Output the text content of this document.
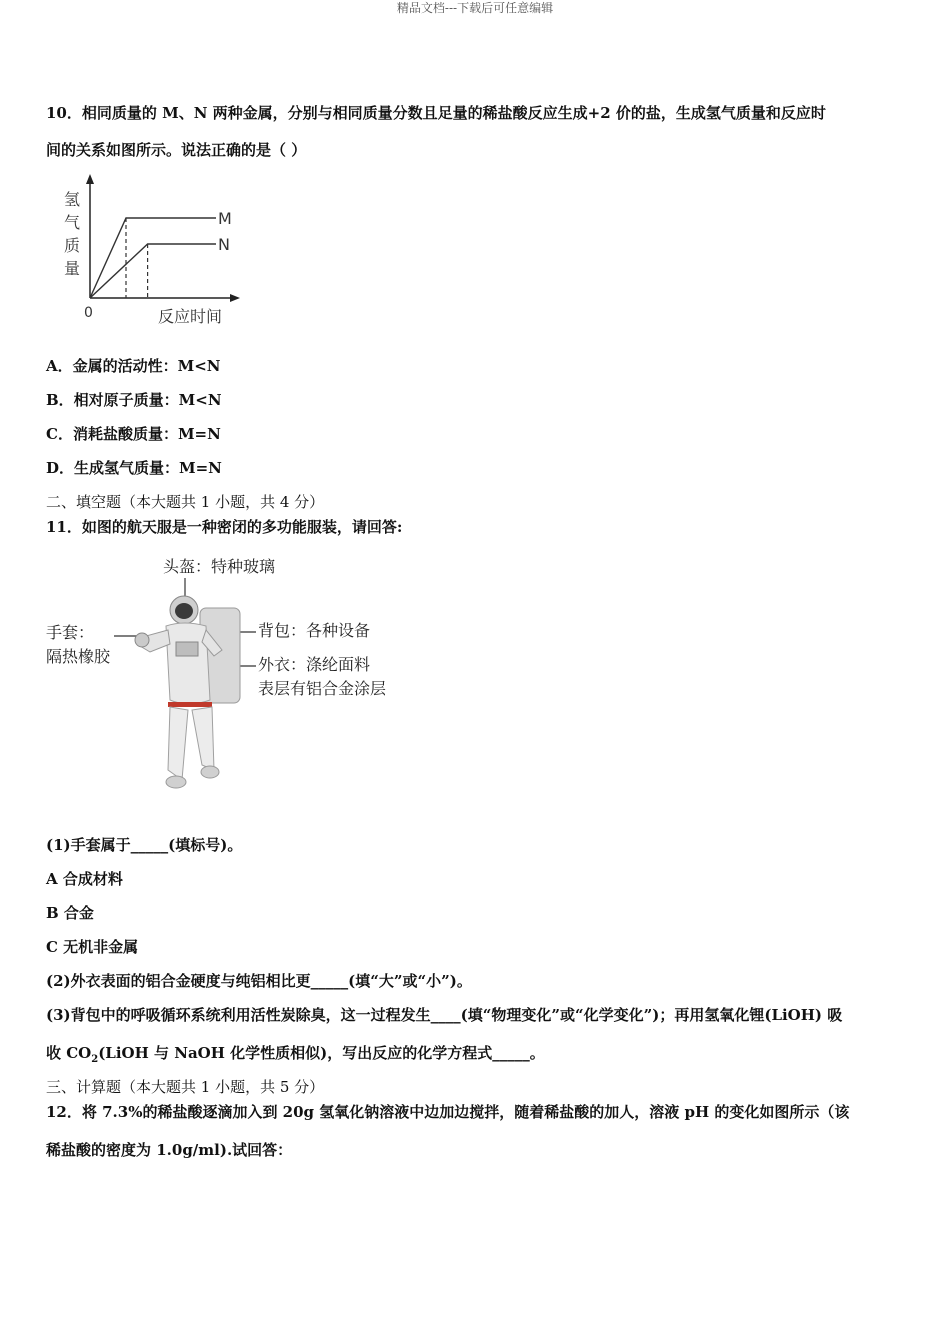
精品文档---下载后可任意编辑
10．相同质量的 M、N 两种金属，分别与相同质量分数且足量的稀盐酸反应生成+2 价的盐，生成氢气质量和反应时
间的关系如图所示。说法正确的是（ ）
氢
气
质
量
0	反应时间
M
N
A．金属的活动性：M<N
B．相对原子质量：M<N
C．消耗盐酸质量：M=N
D．生成氢气质量：M=N
二、填空题（本大题共 1 小题，共 4 分）
11．如图的航天服是一种密闭的多功能服装，请回答:
头盔：特种玻璃
背包：各种设备
手套：
隔热橡胶	外衣：涤纶面料
表层有铝合金涂层
(1)手套属于_____(填标号)。
A 合成材料
B 合金
C 无机非金属
(2)外衣表面的铝合金硬度与纯铝相比更_____(填“大”或“小”)。
(3)背包中的呼吸循环系统利用活性炭除臭，这一过程发生____(填“物理变化”或“化学变化”)；再用氢氧化锂(LiOH) 吸
收 $CO_2(LiOH$ 与 NaOH 化学性质相似)，写出反应的化学方程式_____。
三、计算题（本大题共 1 小题，共 5 分）
12．将 7.3%的稀盐酸逐滴加入到 20g 氢氧化钠溶液中边加边搅拌，随着稀盐酸的加人，溶液 pH 的变化如图所示（该
稀盐酸的密度为 1.0g/ml).试回答：
